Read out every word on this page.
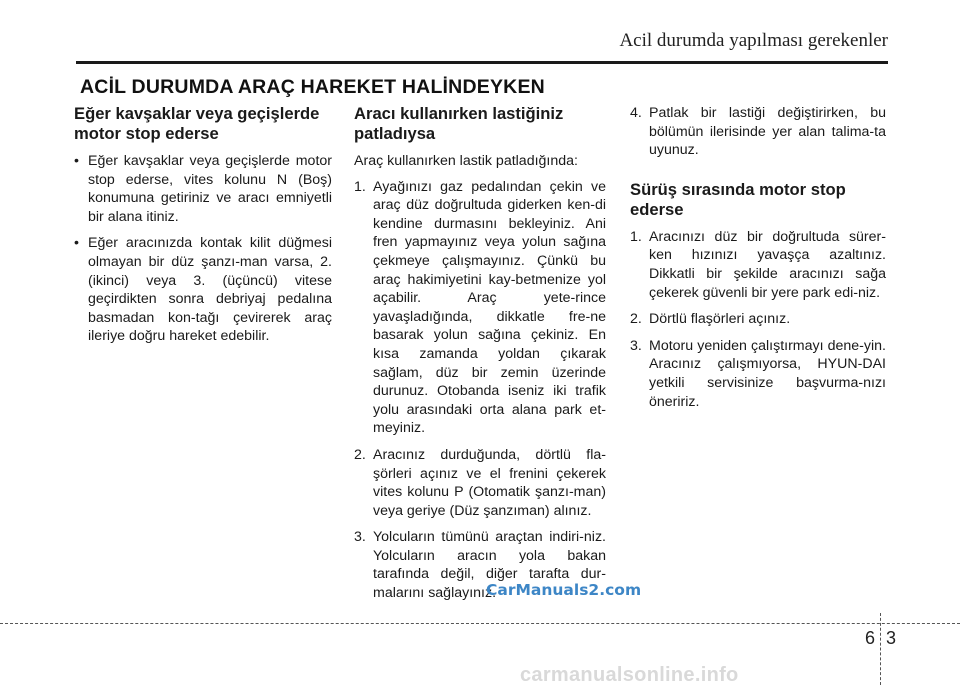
Acil durumda yapılması gerekenler
ACİL DURUMDA ARAÇ HAREKET HALİNDEYKEN
Eğer kavşaklar veya geçişlerde motor stop ederse
• Eğer kavşaklar veya geçişlerde motor stop ederse, vites kolunu N (Boş) konumuna getiriniz ve aracı emniyetli bir alana itiniz.
• Eğer aracınızda kontak kilit düğmesi olmayan bir düz şanzı-man varsa, 2. (ikinci) veya 3. (üçüncü) vitese geçirdikten sonra debriyaj pedalına basmadan kon-tağı çevirerek araç ileriye doğru hareket edebilir.
Aracı kullanırken lastiğiniz patladıysa

Araç kullanırken lastik patladığında:

1. Ayağınızı gaz pedalından çekin ve araç düz doğrultuda giderken ken-di kendine durmasını bekleyiniz. Ani fren yapmayınız veya yolun sağına çekmeye çalışmayınız. Çünkü bu araç hakimiyetini kay-betmenize yol açabilir. Araç yete-rince yavaşladığında, dikkatle fre-ne basarak yolun sağına çekiniz. En kısa zamanda yoldan çıkarak sağlam, düz bir zemin üzerinde durunuz. Otobanda iseniz iki trafik yolu arasındaki orta alana park et-meyiniz.
2. Aracınız durduğunda, dörtlü fla-şörleri açınız ve el frenini çekerek vites kolunu P (Otomatik şanzı-man) veya geriye (Düz şanzıman) alınız.
3. Yolcuların tümünü araçtan indiri-niz. Yolcuların aracın yola bakan tarafında değil, diğer tarafta dur-malarını sağlayınız.
4. Patlak bir lastiği değiştirirken, bu bölümün ilerisinde yer alan talima-ta uyunuz.
Sürüş sırasında motor stop ederse
1. Aracınızı düz bir doğrultuda sürer-ken hızınızı yavaşça azaltınız. Dikkatli bir şekilde aracınızı sağa çekerek güvenli bir yere park edi-niz.
2. Dörtlü flaşörleri açınız.
3. Motoru yeniden çalıştırmayı dene-yin. Aracınız çalışmıyorsa, HYUN-DAI yetkili servisinize başvurma-nızı öneririz.
CarManuals2.com
6 3
carmanualsonline.info
